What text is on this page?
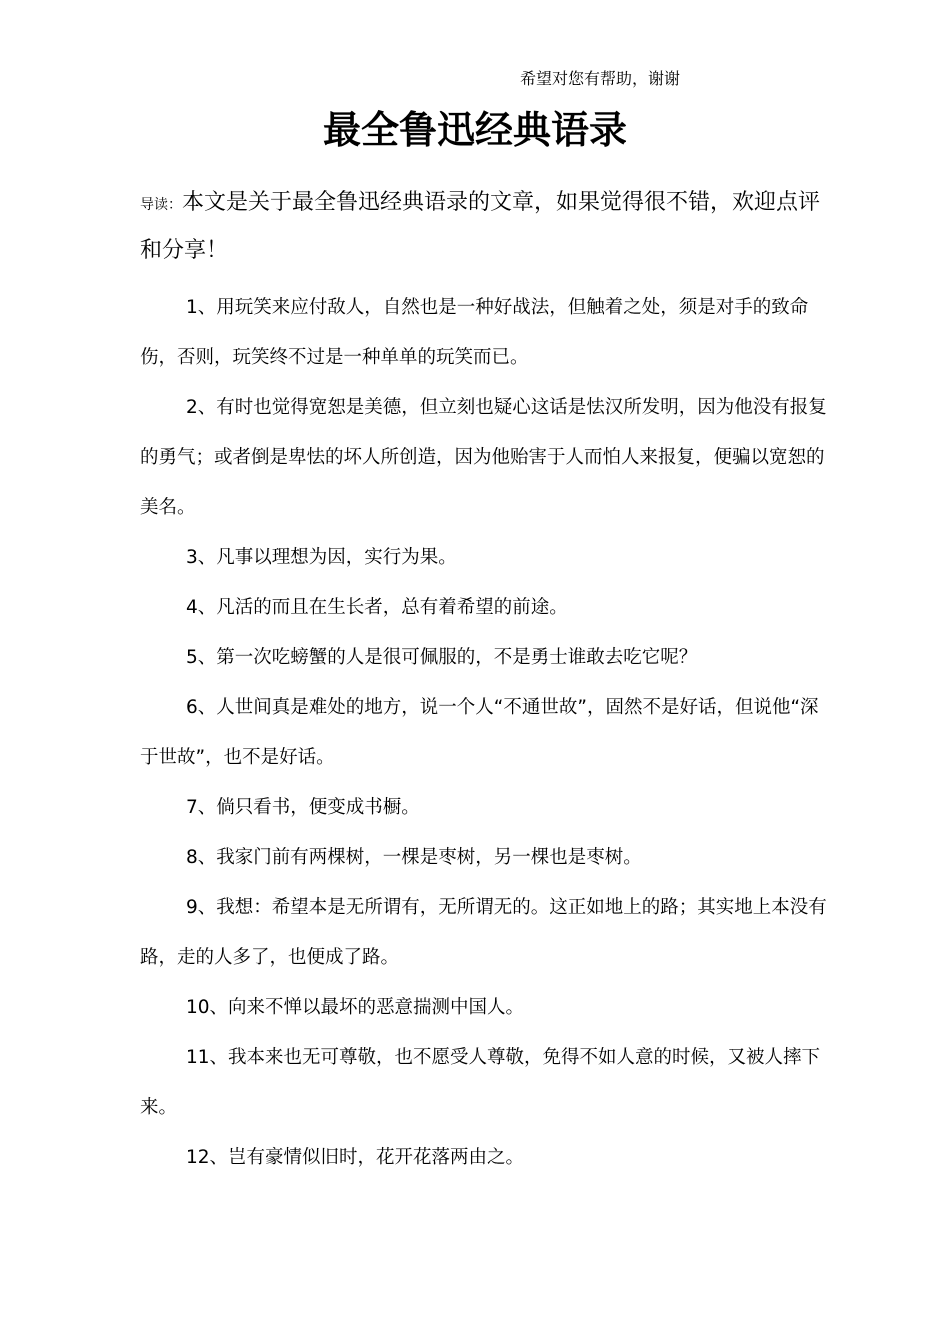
希望对您有帮助，谢谢
最全鲁迅经典语录
导读：本文是关于最全鲁迅经典语录的文章，如果觉得很不错，欢迎点评和分享！

1、用玩笑来应付敌人，自然也是一种好战法，但触着之处，须是对手的致命伤，否则，玩笑终不过是一种单单的玩笑而已。

2、有时也觉得宽恕是美德，但立刻也疑心这话是怯汉所发明，因为他没有报复的勇气；或者倒是卑怯的坏人所创造，因为他贻害于人而怕人来报复，便骗以宽恕的美名。

3、凡事以理想为因，实行为果。

4、凡活的而且在生长者，总有着希望的前途。

5、第一次吃螃蟹的人是很可佩服的，不是勇士谁敢去吃它呢？

6、人世间真是难处的地方，说一个人“不通世故”，固然不是好话，但说他“深于世故”，也不是好话。

7、倘只看书，便变成书橱。

8、我家门前有两棵树，一棵是枣树，另一棵也是枣树。

9、我想：希望本是无所谓有，无所谓无的。这正如地上的路；其实地上本没有路，走的人多了，也便成了路。

10、向来不惮以最坏的恶意揣测中国人。

11、我本来也无可尊敬，也不愿受人尊敬，免得不如人意的时候，又被人摔下来。

12、岂有豪情似旧时，花开花落两由之。
